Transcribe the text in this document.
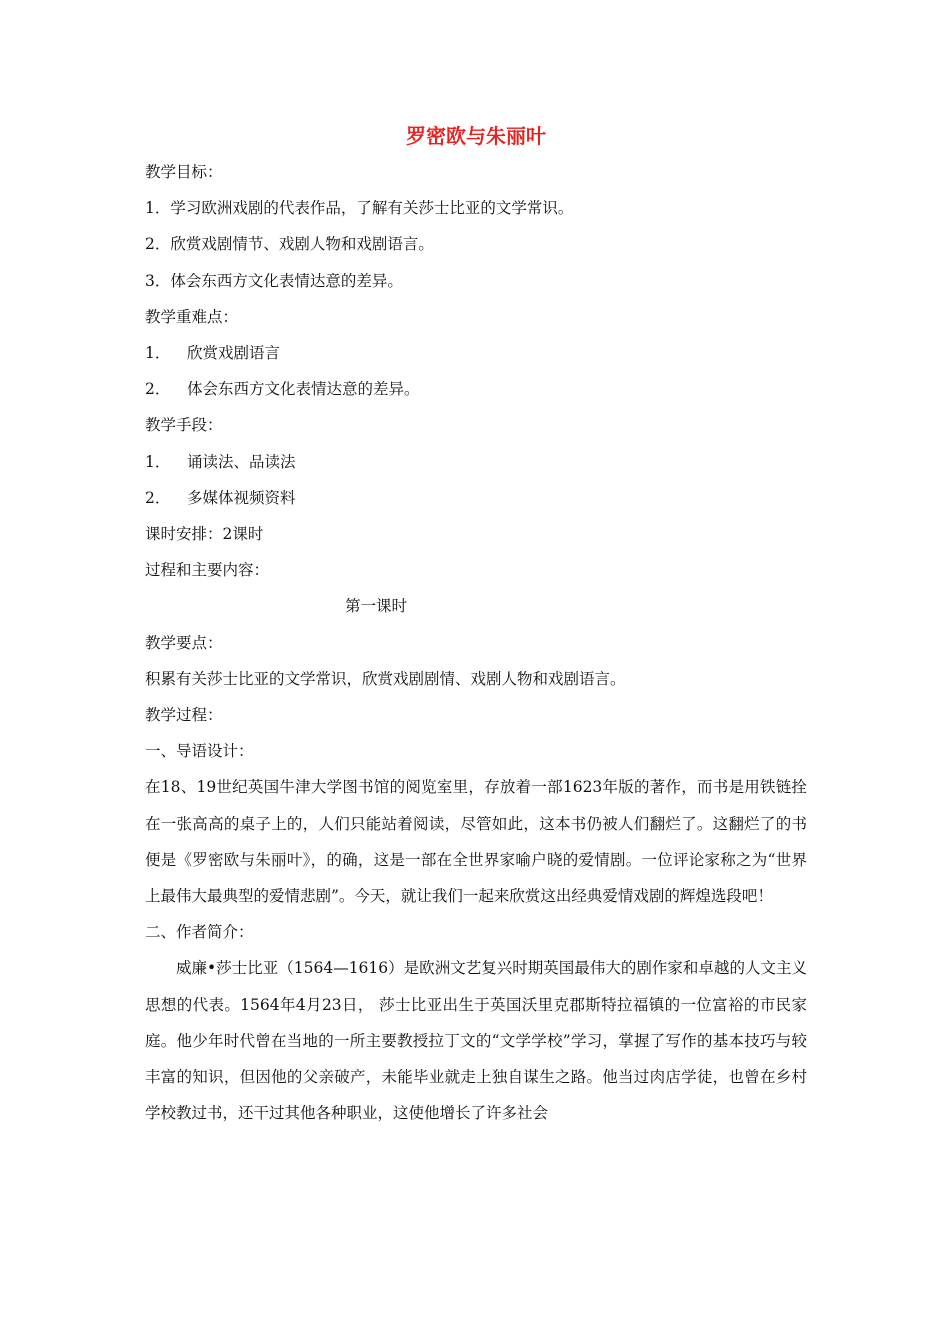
罗密欧与朱丽叶

教学目标：

1．学习欧洲戏剧的代表作品，了解有关莎士比亚的文学常识。

2．欣赏戏剧情节、戏剧人物和戏剧语言。

3．体会东西方文化表情达意的差异。

教学重难点：

1．	欣赏戏剧语言
2．	体会东西方文化表情达意的差异。

教学手段：

1．	诵读法、品读法
2．	多媒体视频资料

课时安排：2课时

过程和主要内容：

第一课时

教学要点：

积累有关莎士比亚的文学常识，欣赏戏剧剧情、戏剧人物和戏剧语言。

教学过程：

一、导语设计：

在18、19世纪英国牛津大学图书馆的阅览室里，存放着一部1623年版的著作，而书是用铁链拴在一张高高的桌子上的，人们只能站着阅读，尽管如此，这本书仍被人们翻烂了。这翻烂了的书便是《罗密欧与朱丽叶》，的确，这是一部在全世界家喻户晓的爱情剧。一位评论家称之为“世界上最伟大最典型的爱情悲剧”。今天，就让我们一起来欣赏这出经典爱情戏剧的辉煌选段吧！

二、作者简介：

威廉•莎士比亚（1564—1616）是欧洲文艺复兴时期英国最伟大的剧作家和卓越的人文主义思想的代表。1564年4月23日， 莎士比亚出生于英国沃里克郡斯特拉福镇的一位富裕的市民家庭。他少年时代曾在当地的一所主要教授拉丁文的“文学学校”学习，掌握了写作的基本技巧与较丰富的知识，但因他的父亲破产，未能毕业就走上独自谋生之路。他当过肉店学徒，也曾在乡村学校教过书，还干过其他各种职业，这使他增长了许多社会
